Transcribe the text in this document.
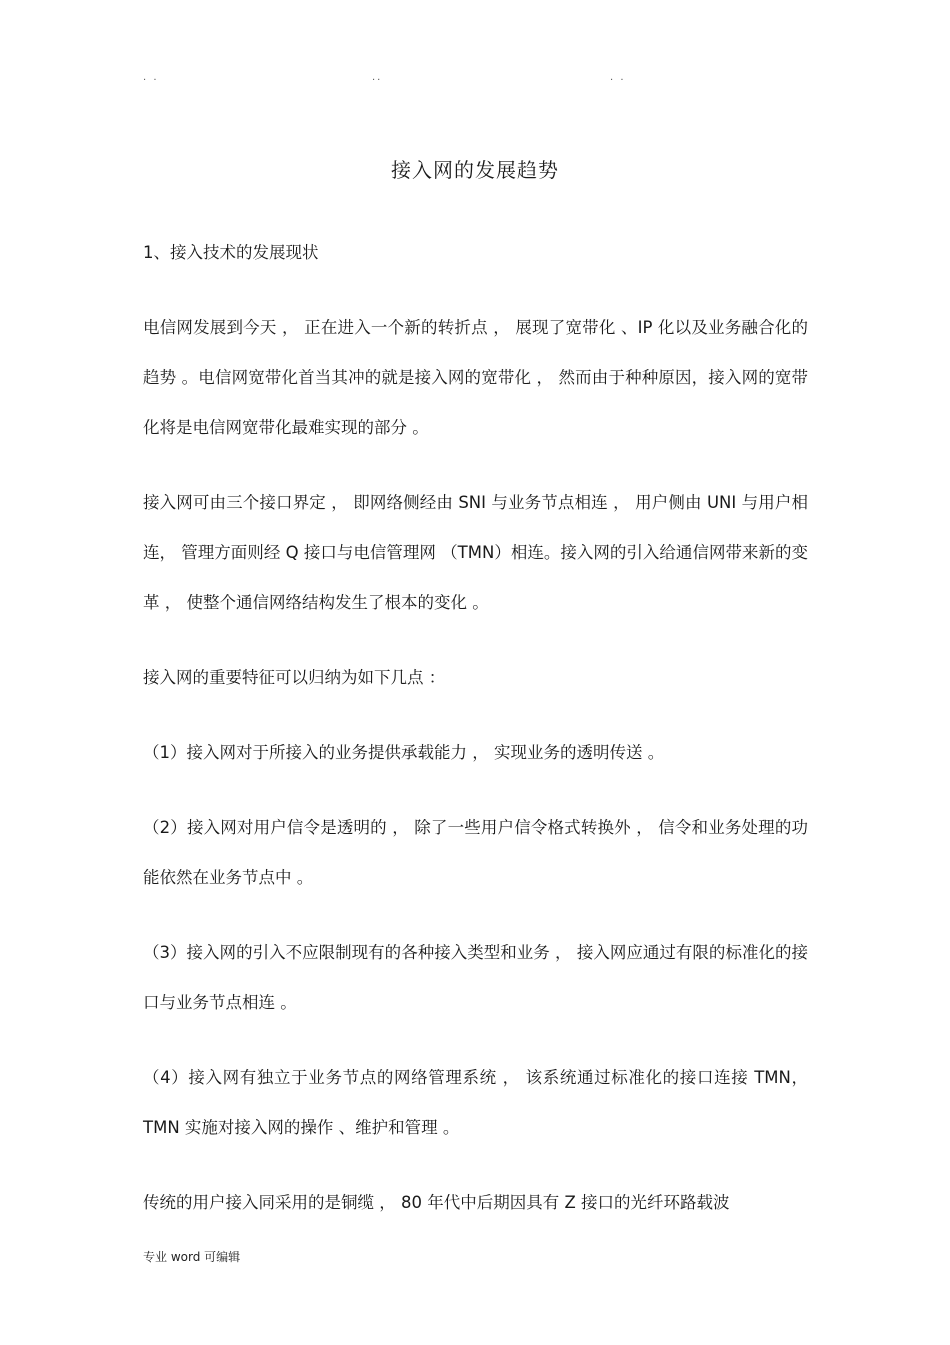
. .	..	. .
接入网的发展趋势

1、接入技术的发展现状

电信网发展到今天 ， 正在进入一个新的转折点 ， 展现了宽带化 、IP 化以及业务融合化的趋势 。电信网宽带化首当其冲的就是接入网的宽带化 ， 然而由于种种原因，接入网的宽带化将是电信网宽带化最难实现的部分 。

接入网可由三个接口界定 ， 即网络侧经由 SNI 与业务节点相连 ， 用户侧由 UNI 与用户相连， 管理方面则经 Q 接口与电信管理网 （TMN）相连。接入网的引入给通信网带来新的变革 ， 使整个通信网络结构发生了根本的变化 。

接入网的重要特征可以归纳为如下几点 ：

（1）接入网对于所接入的业务提供承载能力 ， 实现业务的透明传送 。

（2）接入网对用户信令是透明的 ， 除了一些用户信令格式转换外 ， 信令和业务处理的功能依然在业务节点中 。

（3）接入网的引入不应限制现有的各种接入类型和业务 ， 接入网应通过有限的标准化的接口与业务节点相连 。

（4）接入网有独立于业务节点的网络管理系统 ， 该系统通过标准化的接口连接 TMN，TMN 实施对接入网的操作 、维护和管理 。

传统的用户接入同采用的是铜缆 ， 80 年代中后期因具有 Z 接口的光纤环路载波

专业 word 可编辑
